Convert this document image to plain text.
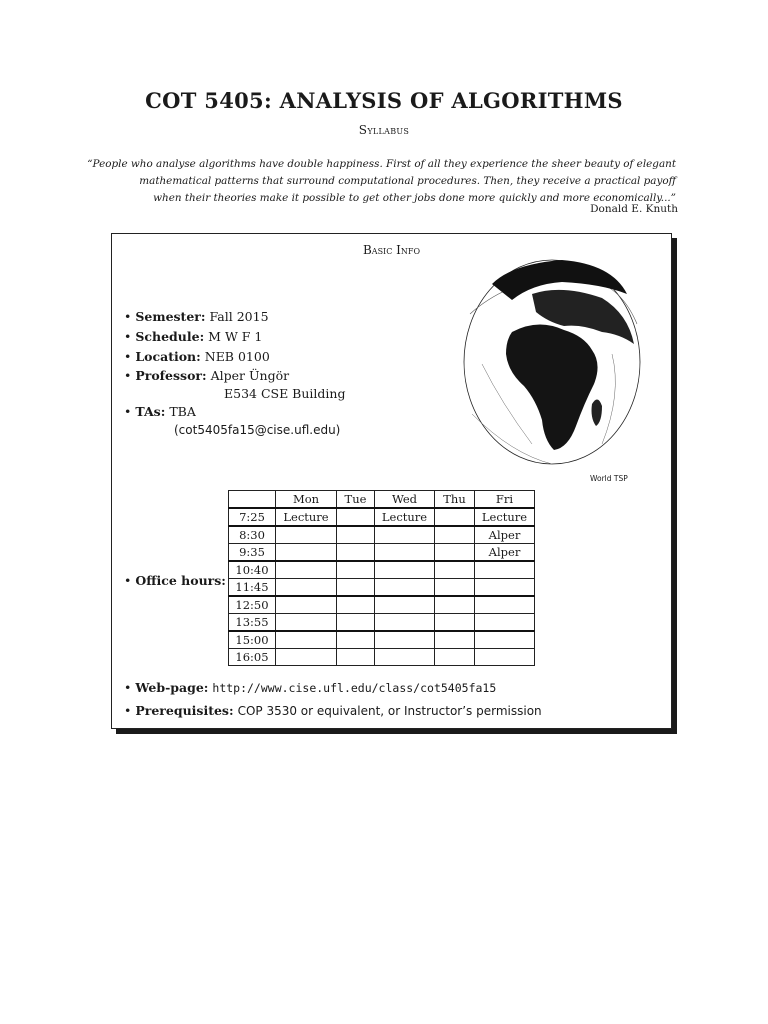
COT 5405: ANALYSIS OF ALGORITHMS
Syllabus
“People who analyse algorithms have double happiness. First of all they experience the sheer beauty of elegant
mathematical patterns that surround computational procedures. Then, they receive a practical payoff
when their theories make it possible to get other jobs done more quickly and more economically...”
Donald E. Knuth
Basic Info
World TSP
• Semester: Fall 2015
• Schedule: M W F 1
• Location: NEB 0100
• Professor: Alper Üngör
E534 CSE Building
• TAs: TBA
(cot5405fa15@cise.ufl.edu)
• Office hours:
	Mon	Tue	Wed	Thu	Fri
7:25	Lecture		Lecture		Lecture
8:30					Alper
9:35					Alper
10:40					
11:45					
12:50					
13:55					
15:00					
16:05					
• Web-page: http://www.cise.ufl.edu/class/cot5405fa15
• Prerequisites: COP 3530 or equivalent, or Instructor’s permission
